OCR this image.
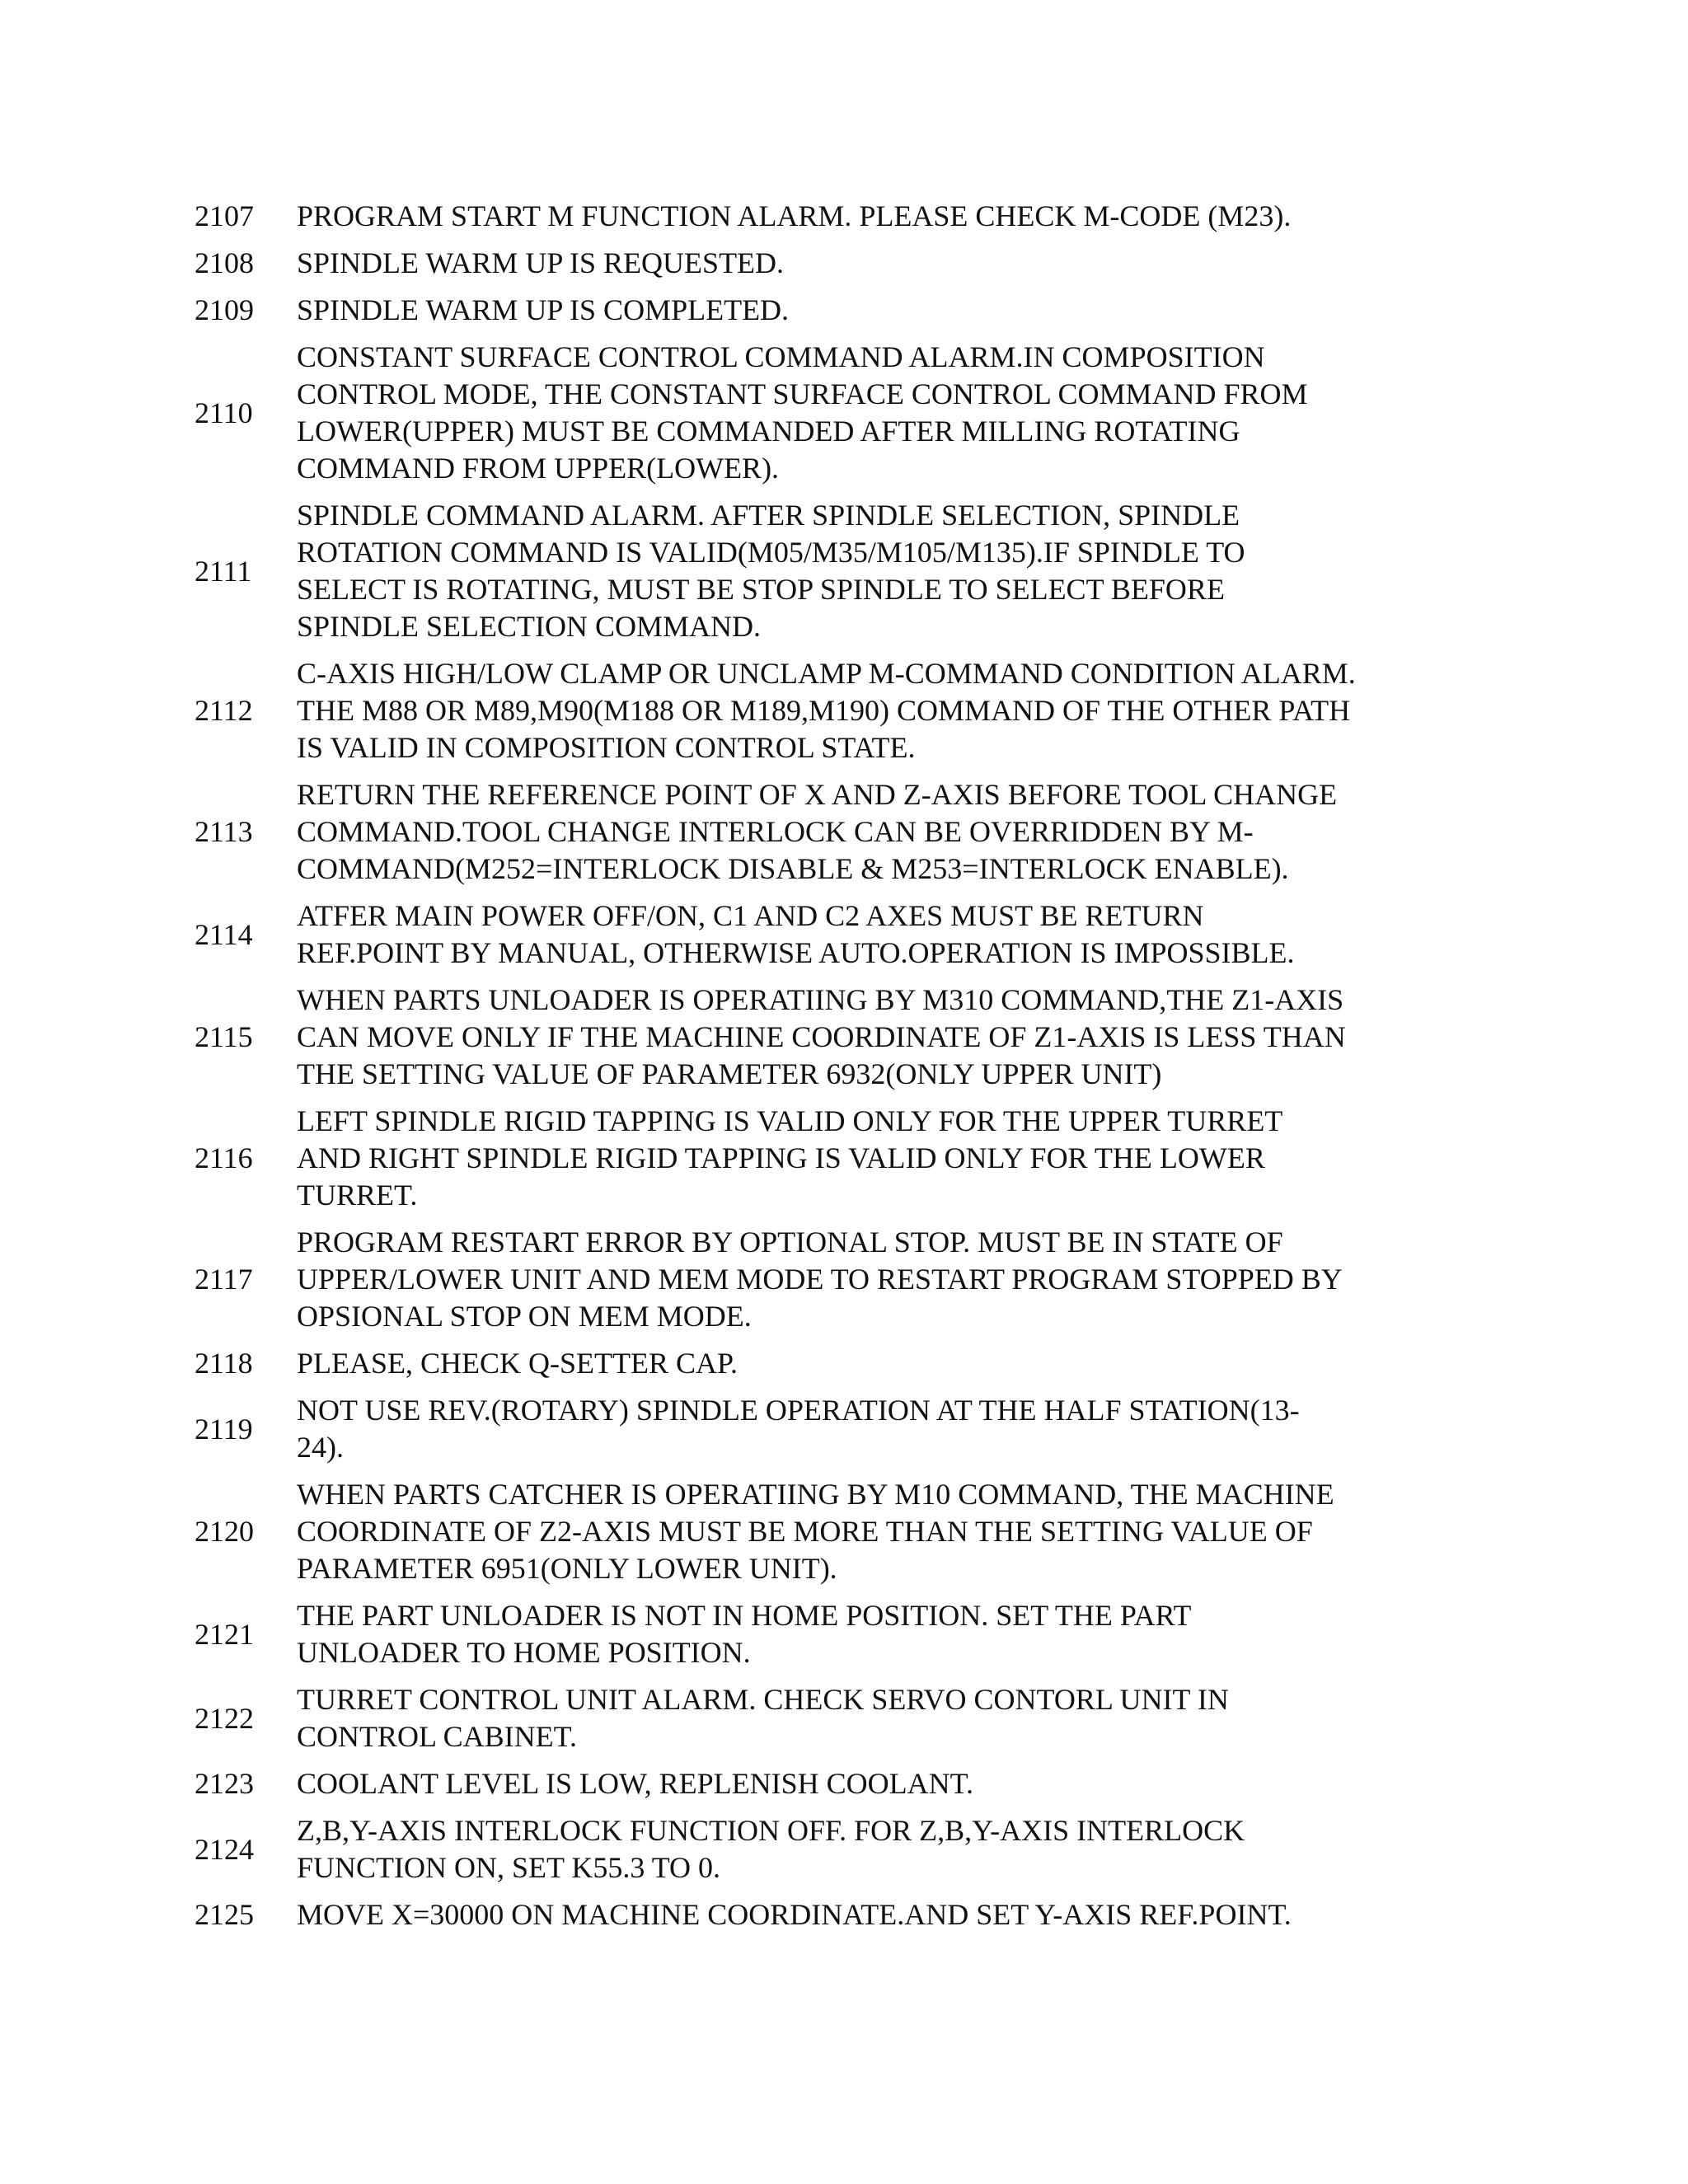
2107	PROGRAM START M FUNCTION ALARM. PLEASE CHECK M-CODE (M23).
2108	SPINDLE WARM UP IS REQUESTED.
2109	SPINDLE WARM UP IS COMPLETED.
2110
CONSTANT SURFACE CONTROL COMMAND ALARM.IN COMPOSITION
CONTROL MODE, THE CONSTANT SURFACE CONTROL COMMAND FROM
LOWER(UPPER) MUST BE COMMANDED AFTER MILLING ROTATING
COMMAND FROM UPPER(LOWER).
2111
SPINDLE COMMAND ALARM. AFTER SPINDLE SELECTION, SPINDLE
ROTATION COMMAND IS VALID(M05/M35/M105/M135).IF SPINDLE TO
SELECT IS ROTATING, MUST BE STOP SPINDLE TO SELECT BEFORE
SPINDLE SELECTION COMMAND.
2112
C-AXIS HIGH/LOW CLAMP OR UNCLAMP M-COMMAND CONDITION ALARM.
THE M88 OR M89,M90(M188 OR M189,M190) COMMAND OF THE OTHER PATH
IS VALID IN COMPOSITION CONTROL STATE.
2113
RETURN THE REFERENCE POINT OF X AND Z-AXIS BEFORE TOOL CHANGE
COMMAND.TOOL CHANGE INTERLOCK CAN BE OVERRIDDEN BY M-
COMMAND(M252=INTERLOCK DISABLE & M253=INTERLOCK ENABLE).
2114
ATFER MAIN POWER OFF/ON, C1 AND C2 AXES MUST BE RETURN
REF.POINT BY MANUAL, OTHERWISE AUTO.OPERATION IS IMPOSSIBLE.
2115
WHEN PARTS UNLOADER IS OPERATIING BY M310 COMMAND,THE Z1-AXIS
CAN MOVE ONLY IF THE MACHINE COORDINATE OF Z1-AXIS IS LESS THAN
THE SETTING VALUE OF PARAMETER 6932(ONLY UPPER UNIT)
2116
LEFT SPINDLE RIGID TAPPING IS VALID ONLY FOR THE UPPER TURRET
AND RIGHT SPINDLE RIGID TAPPING IS VALID ONLY FOR THE LOWER
TURRET.
2117
PROGRAM RESTART ERROR BY OPTIONAL STOP. MUST BE IN STATE OF
UPPER/LOWER UNIT AND MEM MODE TO RESTART PROGRAM STOPPED BY
OPSIONAL STOP ON MEM MODE.
2118	PLEASE, CHECK Q-SETTER CAP.
2119
NOT USE REV.(ROTARY) SPINDLE OPERATION AT THE HALF STATION(13-
24).
2120
WHEN PARTS CATCHER IS OPERATIING BY M10 COMMAND, THE MACHINE
COORDINATE OF Z2-AXIS MUST BE MORE THAN THE SETTING VALUE OF
PARAMETER 6951(ONLY LOWER UNIT).
2121
THE PART UNLOADER IS NOT IN HOME POSITION. SET THE PART
UNLOADER TO HOME POSITION.
2122
TURRET CONTROL UNIT ALARM. CHECK SERVO CONTORL UNIT IN
CONTROL CABINET.
2123	COOLANT LEVEL IS LOW, REPLENISH COOLANT.
2124
Z,B,Y-AXIS INTERLOCK FUNCTION OFF. FOR Z,B,Y-AXIS INTERLOCK
FUNCTION ON, SET K55.3 TO 0.
2125	MOVE X=30000 ON MACHINE COORDINATE.AND SET Y-AXIS REF.POINT.
